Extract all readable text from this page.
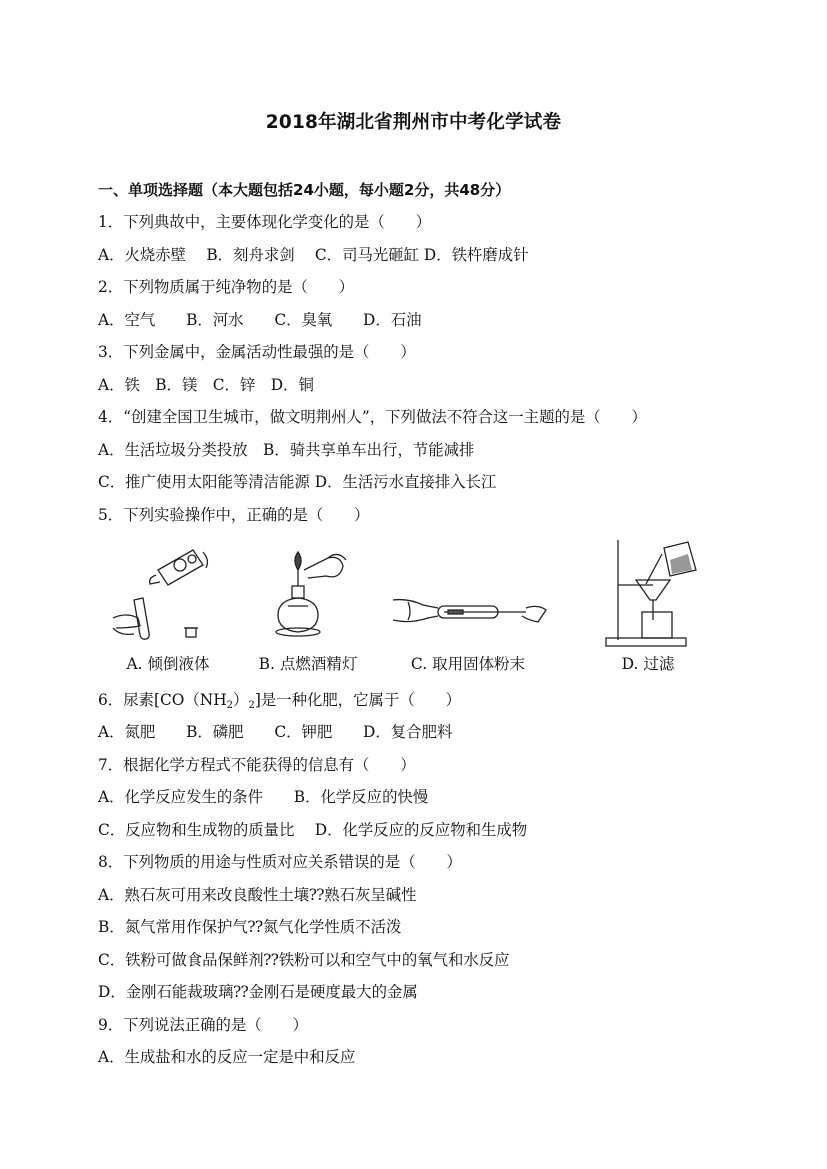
2018年湖北省荆州市中考化学试卷
一、单项选择题（本大题包括24小题，每小题2分，共48分）
1．下列典故中，主要体现化学变化的是（　　）
A．火烧赤壁　 B．刻舟求剑　 C．司马光砸缸 D．铁杵磨成针
2．下列物质属于纯净物的是（　　）
A．空气　　B．河水　　C．臭氧　　D．石油
3．下列金属中，金属活动性最强的是（　　）
A．铁　B．镁　C．锌　D．铜
4．“创建全国卫生城市，做文明荆州人”，下列做法不符合这一主题的是（　　）
A．生活垃圾分类投放　B．骑共享单车出行，节能减排
C．推广使用太阳能等清洁能源 D．生活污水直接排入长江
5．下列实验操作中，正确的是（　　）
A. 倾倒液体	B. 点燃酒精灯	C. 取用固体粉末	D. 过滤
6．尿素$[CO(NH_2)_2]$是一种化肥，它属于（　　）
A．氮肥　　B．磷肥　　C．钾肥　　D．复合肥料
7．根据化学方程式不能获得的信息有（　　）
A．化学反应发生的条件　　B．化学反应的快慢
C．反应物和生成物的质量比　 D．化学反应的反应物和生成物
8．下列物质的用途与性质对应关系错误的是（　　）
A．熟石灰可用来改良酸性土壤⁇熟石灰呈碱性
B．氮气常用作保护气⁇氮气化学性质不活泼
C．铁粉可做食品保鲜剂⁇铁粉可以和空气中的氧气和水反应
D．金刚石能裁玻璃⁇金刚石是硬度最大的金属
9．下列说法正确的是（　　）
A．生成盐和水的反应一定是中和反应
